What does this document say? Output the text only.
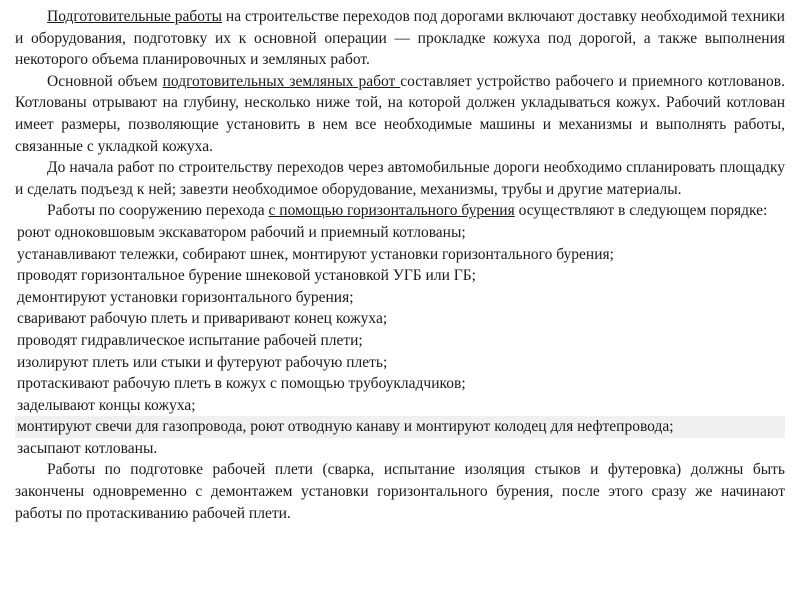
Подготовительные работы на строительстве переходов под дорогами включают доставку необходимой техники и оборудования, подготовку их к основной операции — прокладке кожуха под дорогой, а также выполнения некоторого объема планировочных и земляных работ.

Основной объем подготовительных земляных работ составляет устройство рабочего и приемного котлованов. Котлованы отрывают на глубину, несколько ниже той, на которой должен укладываться кожух. Рабочий котлован имеет размеры, позволяющие установить в нем все необходимые машины и механизмы и выполнять работы, связанные с укладкой кожуха.

До начала работ по строительству переходов через автомобильные дороги необходимо спланировать площадку и сделать подъезд к ней; завезти необходимое оборудование, механизмы, трубы и другие материалы.

Работы по сооружению перехода с помощью горизонтального бурения осуществляют в следующем порядке:

роют одноковшовым экскаватором рабочий и приемный котлованы;
устанавливают тележки, собирают шнек, монтируют установки горизонтального бурения;
проводят горизонтальное бурение шнековой установкой УГБ или ГБ;
демонтируют установки горизонтального бурения;
сваривают рабочую плеть и приваривают конец кожуха;
проводят гидравлическое испытание рабочей плети;
изолируют плеть или стыки и футеруют рабочую плеть;
протаскивают рабочую плеть в кожух с помощью трубоукладчиков;
заделывают концы кожуха;
монтируют свечи для газопровода, роют отводную канаву и монтируют колодец для нефтепровода;
засыпают котлованы.

Работы по подготовке рабочей плети (сварка, испытание изоляция стыков и футеровка) должны быть закончены одновременно с демонтажем установки горизонтального бурения, после этого сразу же начинают работы по протаскиванию рабочей плети.
